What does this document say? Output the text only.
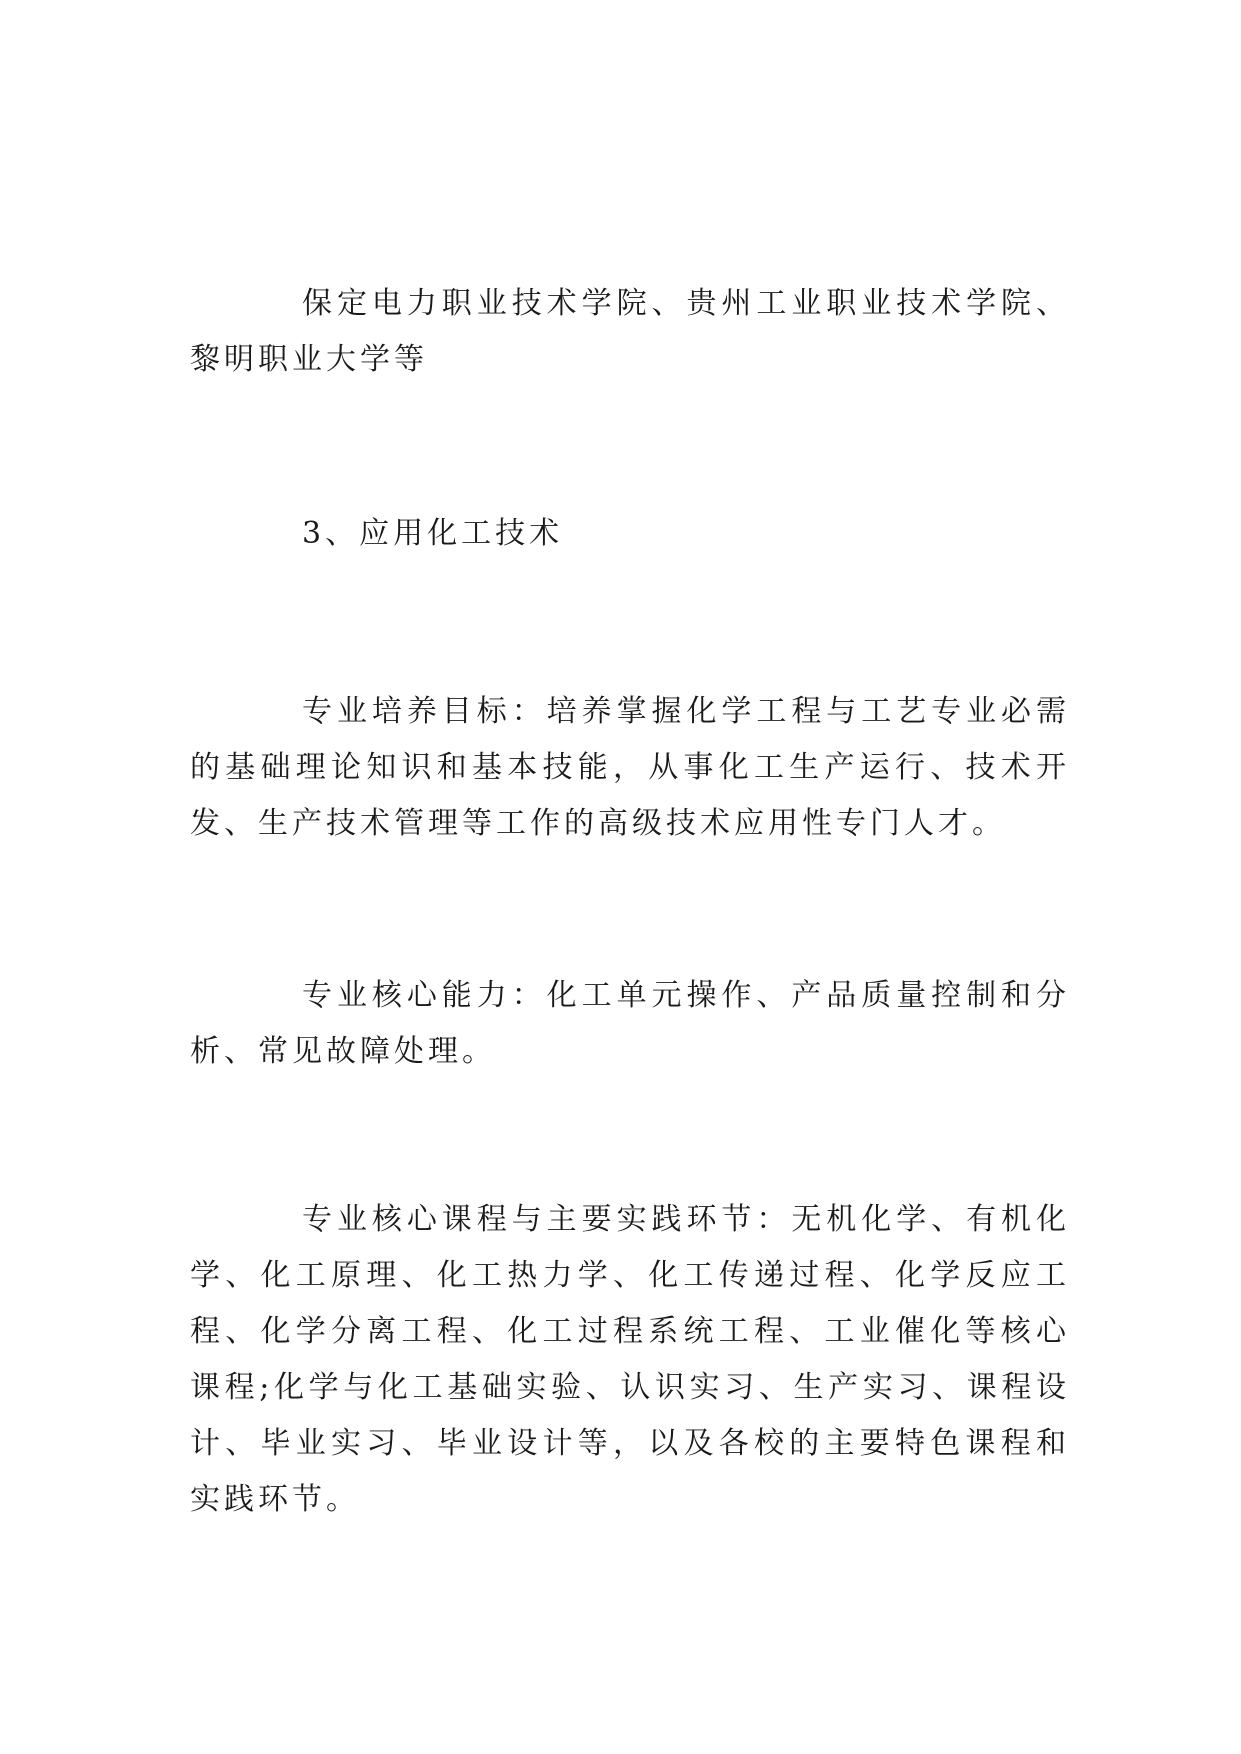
保定电力职业技术学院、贵州工业职业技术学院、黎明职业大学等

3、应用化工技术

专业培养目标：培养掌握化学工程与工艺专业必需的基础理论知识和基本技能，从事化工生产运行、技术开发、生产技术管理等工作的高级技术应用性专门人才。

专业核心能力：化工单元操作、产品质量控制和分析、常见故障处理。

专业核心课程与主要实践环节：无机化学、有机化学、化工原理、化工热力学、化工传递过程、化学反应工程、化学分离工程、化工过程系统工程、工业催化等核心课程;化学与化工基础实验、认识实习、生产实习、课程设计、毕业实习、毕业设计等，以及各校的主要特色课程和实践环节。
